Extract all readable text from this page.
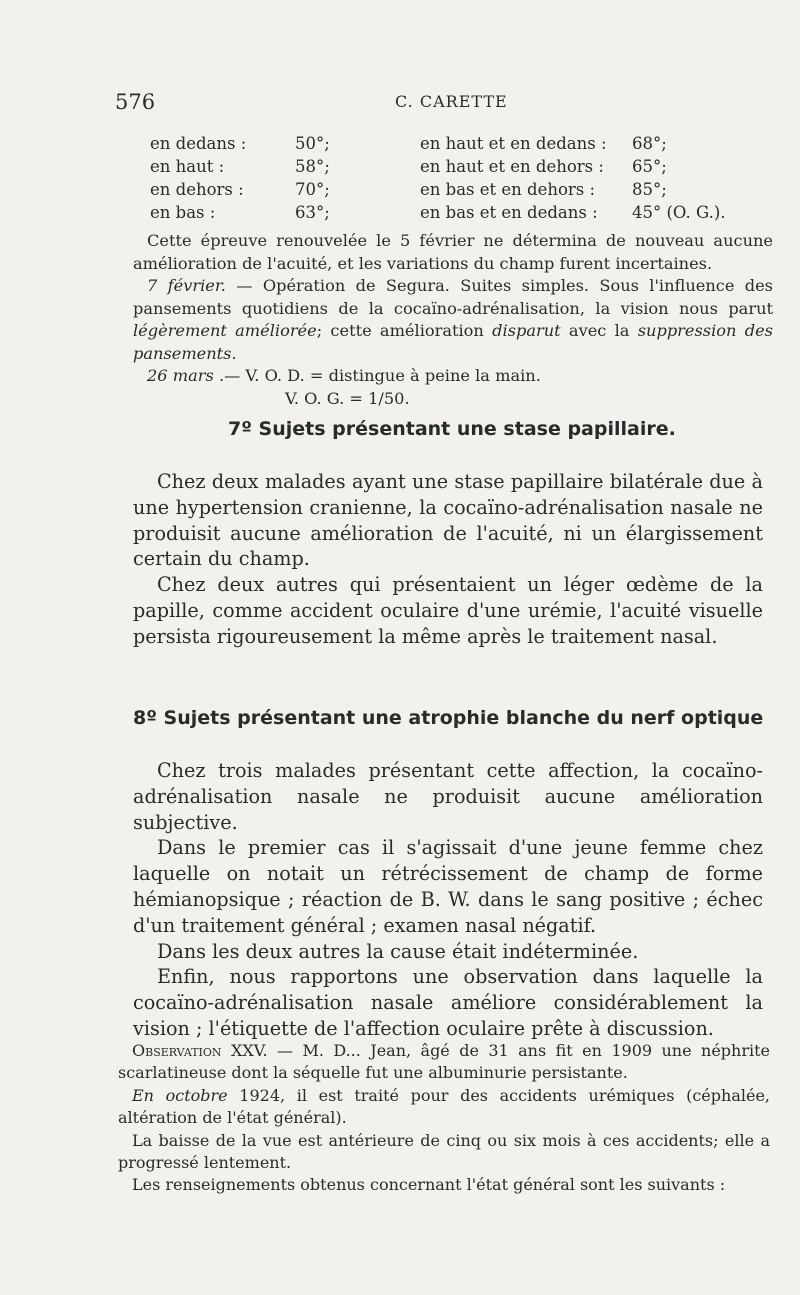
576	C. CARETTE
en dedans :	50°;	en haut et en dedans : 68°;
en haut :	58°;	en haut et en dehors : 65°;
en dehors :	70°;	en bas et en dehors : 85°;
en bas :	63°;	en bas et en dedans : 45° (O. G.).

Cette épreuve renouvelée le 5 février ne détermina de nouveau aucune amélioration de l'acuité, et les variations du champ furent incertaines.

7 février. — Opération de Segura. Suites simples. Sous l'influence des pansements quotidiens de la cocaïno-adrénalisation, la vision nous parut légèrement améliorée; cette amélioration disparut avec la suppression des pansements.

26 mars .— V. O. D. = distingue à peine la main.

V. O. G. = 1/50.

7º Sujets présentant une stase papillaire.

Chez deux malades ayant une stase papillaire bilatérale due à une hypertension cranienne, la cocaïno-adrénalisation nasale ne produisit aucune amélioration de l'acuité, ni un élargissement certain du champ.

Chez deux autres qui présentaient un léger œdème de la papille, comme accident oculaire d'une urémie, l'acuité visuelle persista rigoureusement la même après le traitement nasal.

8º Sujets présentant une atrophie blanche du nerf optique

Chez trois malades présentant cette affection, la cocaïno-adrénalisation nasale ne produisit aucune amélioration subjective.

Dans le premier cas il s'agissait d'une jeune femme chez laquelle on notait un rétrécissement de champ de forme hémianopsique ; réaction de B. W. dans le sang positive ; échec d'un traitement général ; examen nasal négatif.

Dans les deux autres la cause était indéterminée.

Enfin, nous rapportons une observation dans laquelle la cocaïno-adrénalisation nasale améliore considérablement la vision ; l'étiquette de l'affection oculaire prête à discussion.

Observation XXV. — M. D... Jean, âgé de 31 ans fit en 1909 une néphrite scarlatineuse dont la séquelle fut une albuminurie persistante.

En octobre 1924, il est traité pour des accidents urémiques (céphalée, altération de l'état général).

La baisse de la vue est antérieure de cinq ou six mois à ces accidents; elle a progressé lentement.

Les renseignements obtenus concernant l'état général sont les suivants :
